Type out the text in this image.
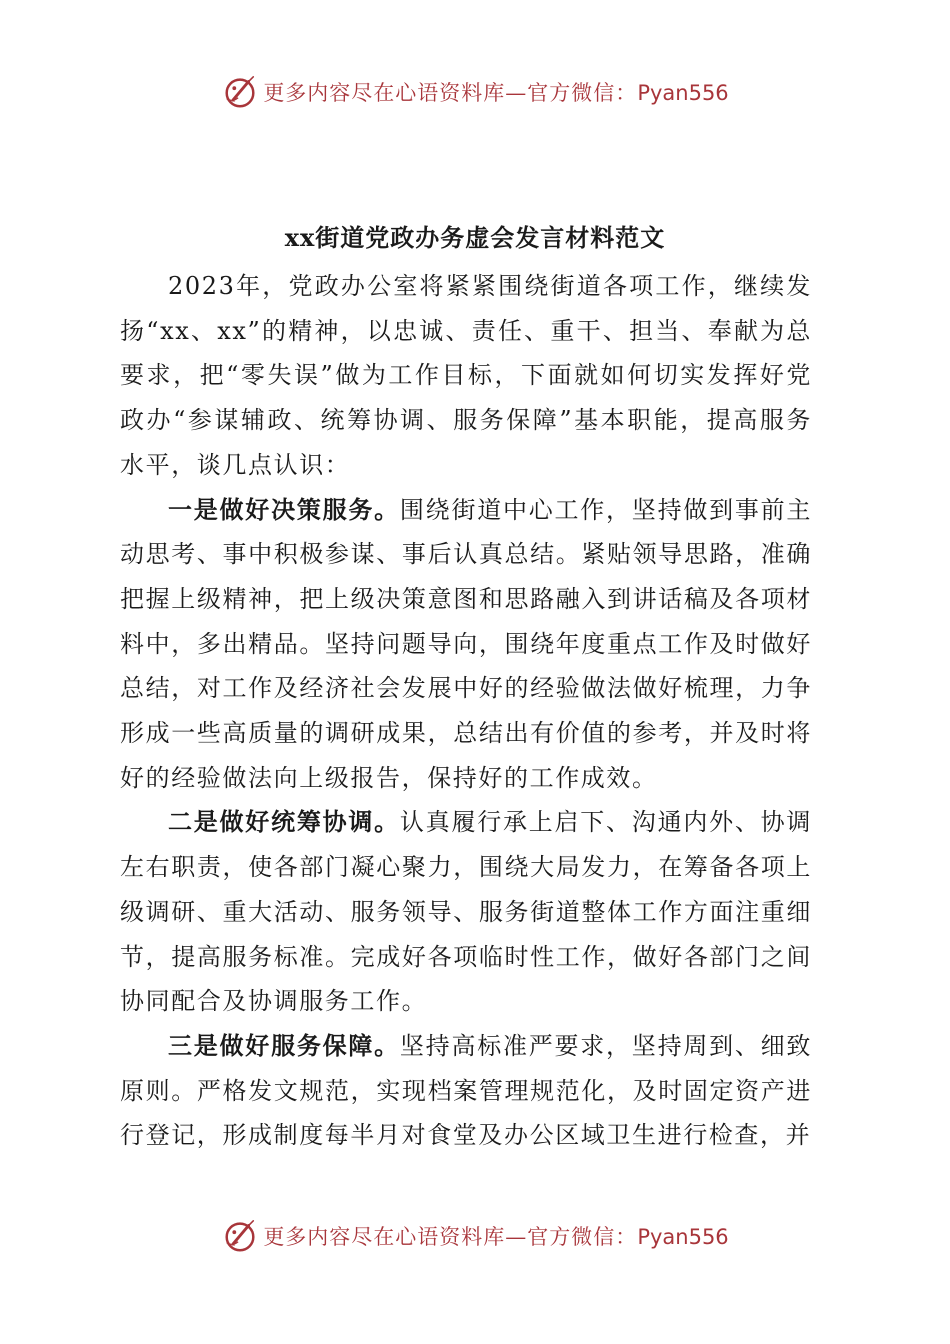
更多内容尽在心语资料库—官方微信：Pyan556
xx街道党政办务虚会发言材料范文

2023年，党政办公室将紧紧围绕街道各项工作，继续发扬“xx、xx”的精神，以忠诚、责任、重干、担当、奉献为总要求，把“零失误”做为工作目标，下面就如何切实发挥好党政办“参谋辅政、统筹协调、服务保障”基本职能，提高服务水平，谈几点认识：

一是做好决策服务。围绕街道中心工作，坚持做到事前主动思考、事中积极参谋、事后认真总结。紧贴领导思路，准确把握上级精神，把上级决策意图和思路融入到讲话稿及各项材料中，多出精品。坚持问题导向，围绕年度重点工作及时做好总结，对工作及经济社会发展中好的经验做法做好梳理，力争形成一些高质量的调研成果，总结出有价值的参考，并及时将好的经验做法向上级报告，保持好的工作成效。

二是做好统筹协调。认真履行承上启下、沟通内外、协调左右职责，使各部门凝心聚力，围绕大局发力，在筹备各项上级调研、重大活动、服务领导、服务街道整体工作方面注重细节，提高服务标准。完成好各项临时性工作，做好各部门之间协同配合及协调服务工作。

三是做好服务保障。坚持高标准严要求，坚持周到、细致原则。严格发文规范，实现档案管理规范化，及时固定资产进行登记，形成制度每半月对食堂及办公区域卫生进行检查，并

更多内容尽在心语资料库—官方微信：Pyan556
